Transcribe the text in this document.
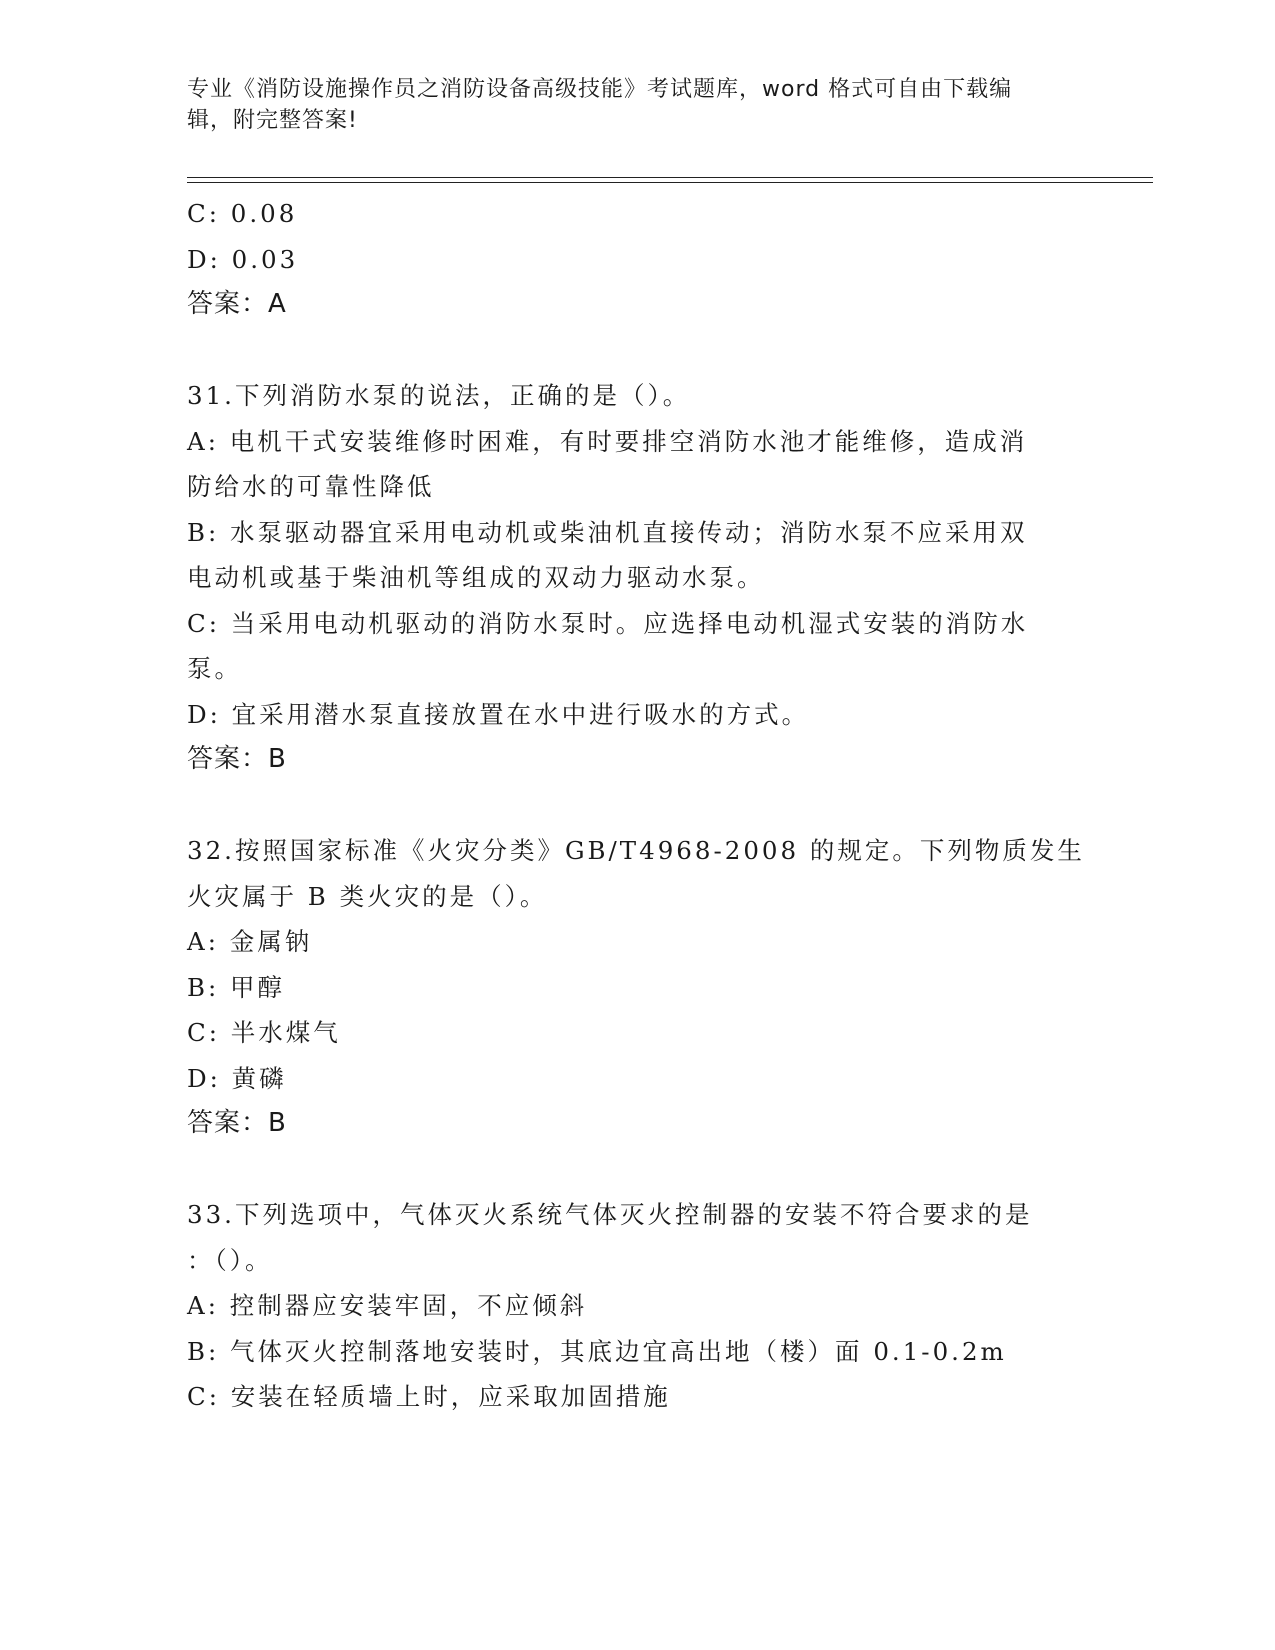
专业《消防设施操作员之消防设备高级技能》考试题库，word 格式可自由下载编
辑，附完整答案!
C: 0.08
D: 0.03
答案：A
31.下列消防水泵的说法，正确的是（）。
A: 电机干式安装维修时困难，有时要排空消防水池才能维修，造成消
防给水的可靠性降低
B: 水泵驱动器宜采用电动机或柴油机直接传动；消防水泵不应采用双
电动机或基于柴油机等组成的双动力驱动水泵。
C: 当采用电动机驱动的消防水泵时。应选择电动机湿式安装的消防水
泵。
D: 宜采用潜水泵直接放置在水中进行吸水的方式。
答案：B
32.按照国家标准《火灾分类》GB/T4968-2008 的规定。下列物质发生
火灾属于 B 类火灾的是（）。
A: 金属钠
B: 甲醇
C: 半水煤气
D: 黄磷
答案：B
33.下列选项中，气体灭火系统气体灭火控制器的安装不符合要求的是
：（）。
A: 控制器应安装牢固，不应倾斜
B: 气体灭火控制落地安装时，其底边宜高出地（楼）面 0.1-0.2m
C: 安装在轻质墙上时，应采取加固措施
